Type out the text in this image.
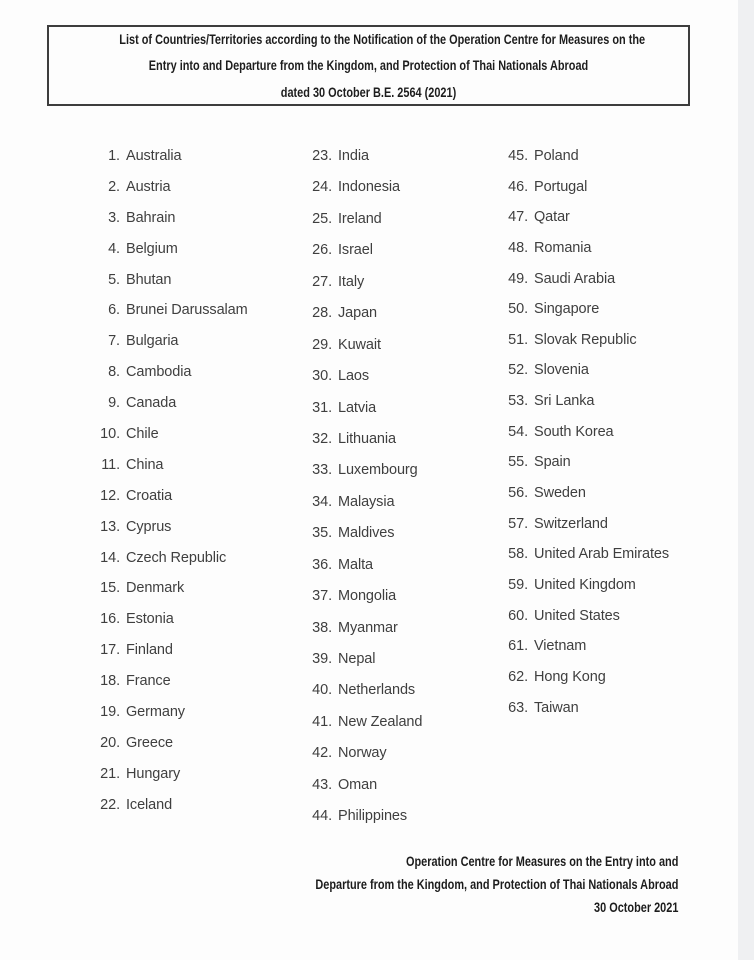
List of Countries/Territories according to the Notification of the Operation Centre for Measures on the
Entry into and Departure from the Kingdom, and Protection of Thai Nationals Abroad
dated 30 October B.E. 2564 (2021)
1. Australia
2. Austria
3. Bahrain
4. Belgium
5. Bhutan
6. Brunei Darussalam
7. Bulgaria
8. Cambodia
9. Canada
10. Chile
11. China
12. Croatia
13. Cyprus
14. Czech Republic
15. Denmark
16. Estonia
17. Finland
18. France
19. Germany
20. Greece
21. Hungary
22. Iceland
23. India
24. Indonesia
25. Ireland
26. Israel
27. Italy
28. Japan
29. Kuwait
30. Laos
31. Latvia
32. Lithuania
33. Luxembourg
34. Malaysia
35. Maldives
36. Malta
37. Mongolia
38. Myanmar
39. Nepal
40. Netherlands
41. New Zealand
42. Norway
43. Oman
44. Philippines
45. Poland
46. Portugal
47. Qatar
48. Romania
49. Saudi Arabia
50. Singapore
51. Slovak Republic
52. Slovenia
53. Sri Lanka
54. South Korea
55. Spain
56. Sweden
57. Switzerland
58. United Arab Emirates
59. United Kingdom
60. United States
61. Vietnam
62. Hong Kong
63. Taiwan
Operation Centre for Measures on the Entry into and
Departure from the Kingdom, and Protection of Thai Nationals Abroad
30 October 2021
